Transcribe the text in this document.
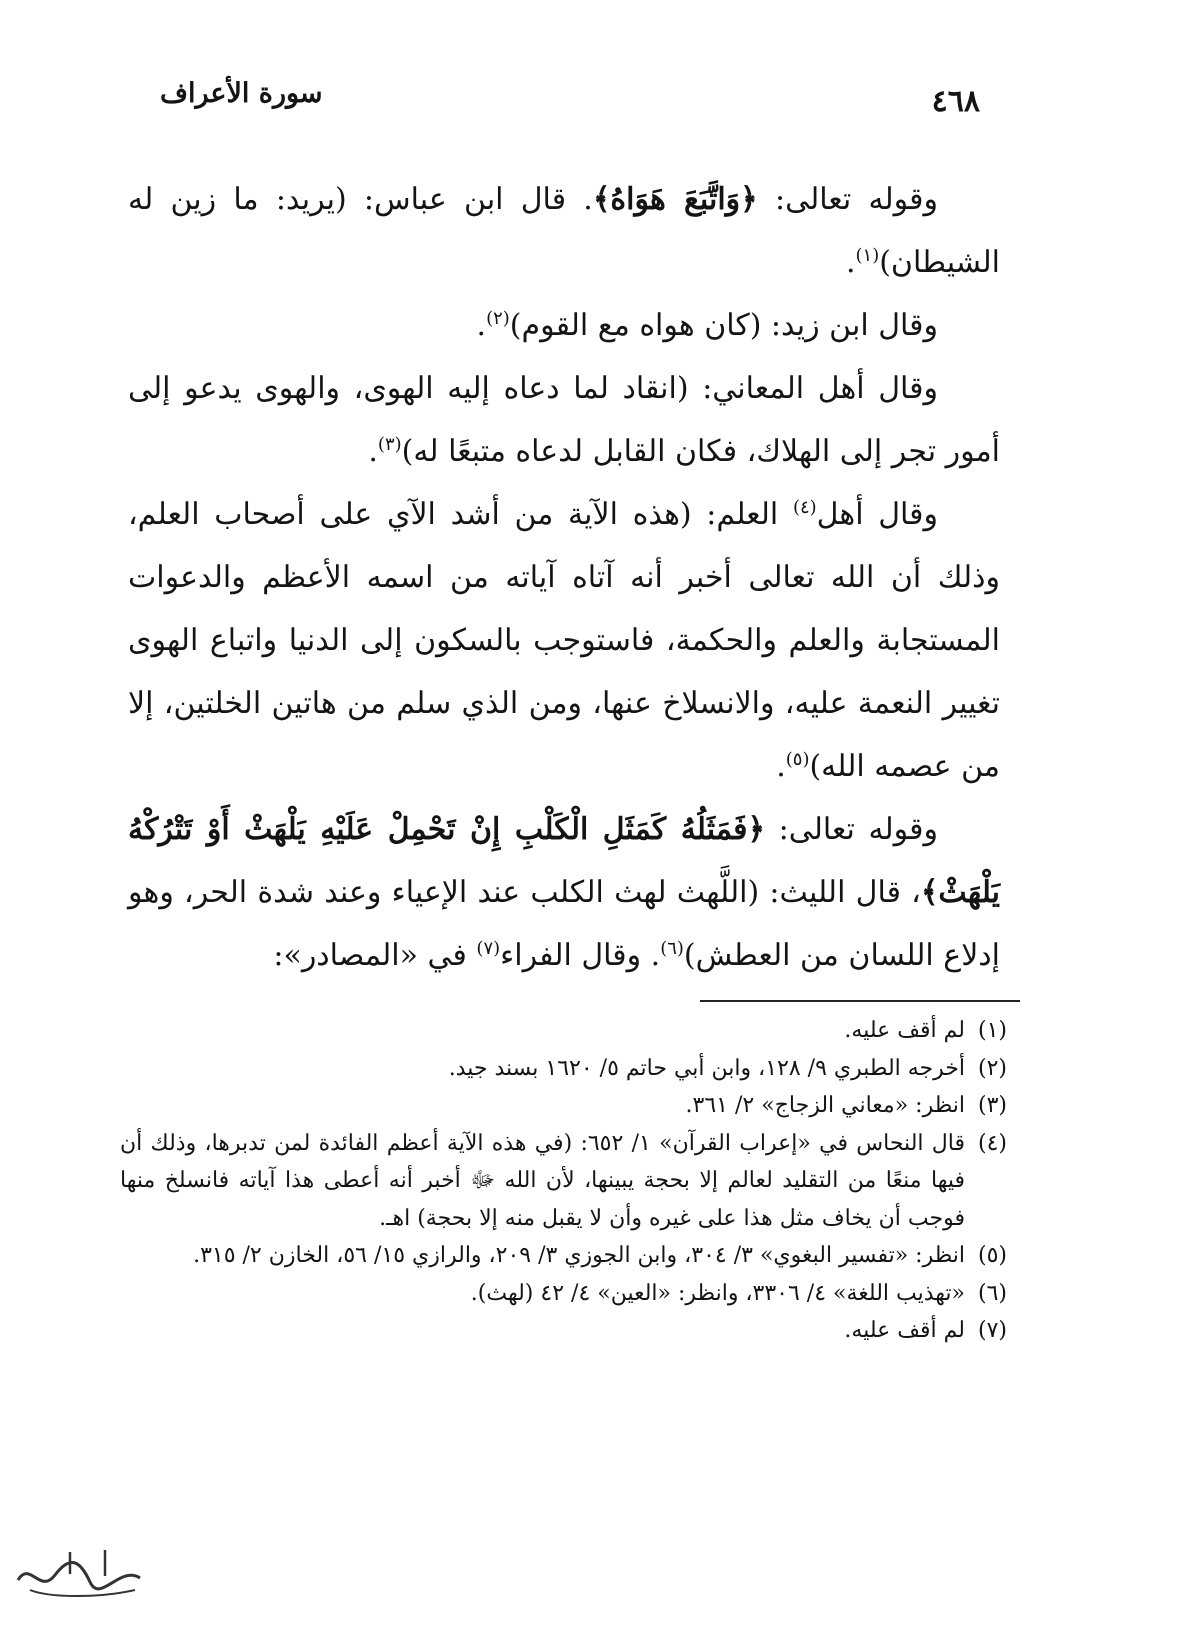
٤٦٨
سورة الأعراف

وقوله تعالى: ﴿وَاتَّبَعَ هَوَاهُ﴾. قال ابن عباس: (يريد: ما زين له الشيطان)$^{(١)}$.

وقال ابن زيد: (كان هواه مع القوم)$^{(٢)}$.

وقال أهل المعاني: (انقاد لما دعاه إليه الهوى، والهوى يدعو إلى أمور تجر إلى الهلاك، فكان القابل لدعاه متبعًا له)$^{(٣)}$.

وقال أهل$^{(٤)}$ العلم: (هذه الآية من أشد الآي على أصحاب العلم، وذلك أن الله تعالى أخبر أنه آتاه آياته من اسمه الأعظم والدعوات المستجابة والعلم والحكمة، فاستوجب بالسكون إلى الدنيا واتباع الهوى تغيير النعمة عليه، والانسلاخ عنها، ومن الذي سلم من هاتين الخلتين، إلا من عصمه الله)$^{(٥)}$.

وقوله تعالى: ﴿فَمَثَلُهُ كَمَثَلِ الْكَلْبِ إِنْ تَحْمِلْ عَلَيْهِ يَلْهَثْ أَوْ تَتْرُكْهُ يَلْهَثْ﴾، قال الليث: (اللَّهث لهث الكلب عند الإعياء وعند شدة الحر، وهو إدلاع اللسان من العطش)$^{(٦)}$. وقال الفراء$^{(٧)}$ في «المصادر»:

(١)
لم أقف عليه.
(٢)
أخرجه الطبري ٩/ ١٢٨، وابن أبي حاتم ٥/ ١٦٢٠ بسند جيد.
(٣)
انظر: «معاني الزجاج» ٢/ ٣٦١.
(٤)
قال النحاس في «إعراب القرآن» ١/ ٦٥٢: (في هذه الآية أعظم الفائدة لمن تدبرها، وذلك أن فيها منعًا من التقليد لعالم إلا بحجة يبينها، لأن الله ﷻ أخبر أنه أعطى هذا آياته فانسلخ منها فوجب أن يخاف مثل هذا على غيره وأن لا يقبل منه إلا بحجة) اهـ.
(٥)
انظر: «تفسير البغوي» ٣/ ٣٠٤، وابن الجوزي ٣/ ٢٠٩، والرازي ١٥/ ٥٦، الخازن ٢/ ٣١٥.
(٦)
«تهذيب اللغة» ٤/ ٣٣٠٦، وانظر: «العين» ٤/ ٤٢ (لهث).
(٧)
لم أقف عليه.
